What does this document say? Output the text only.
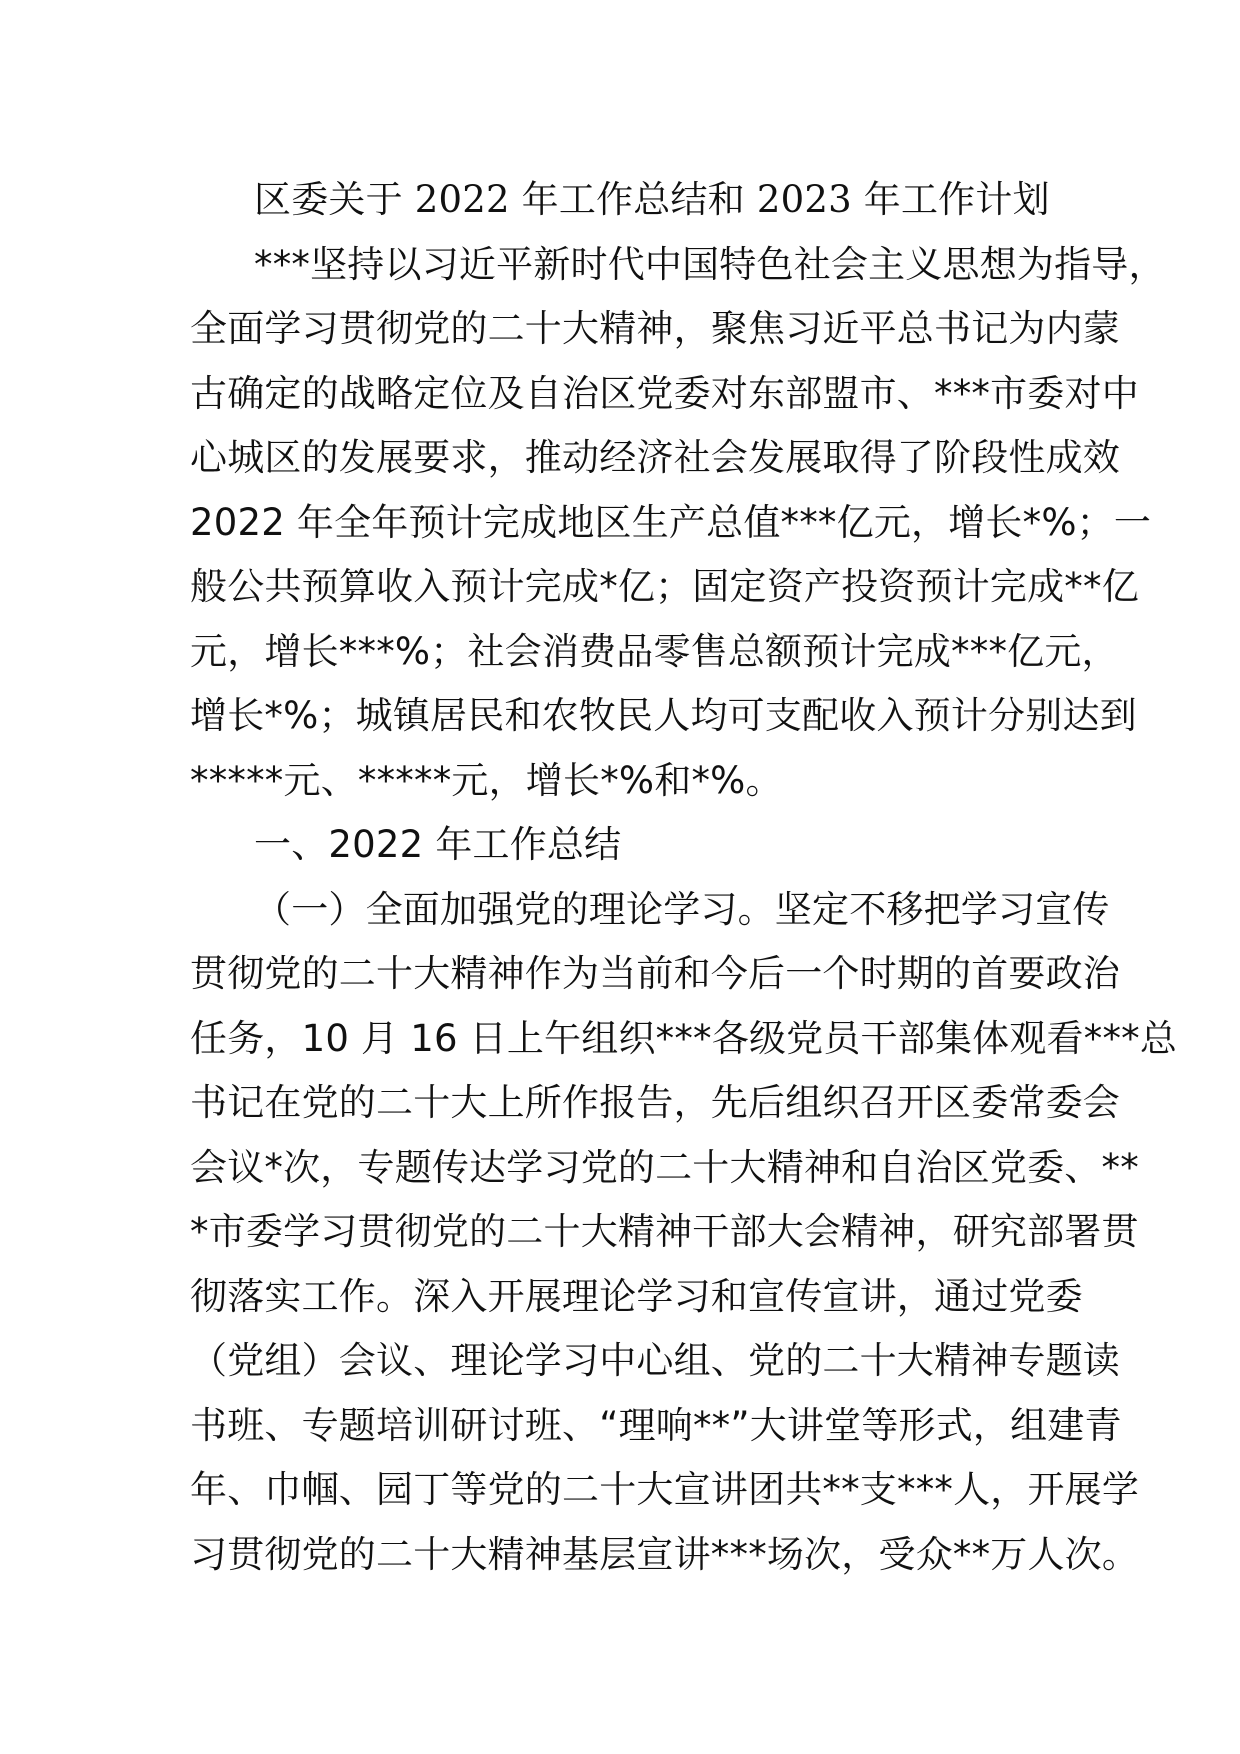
区委关于 2022 年工作总结和 2023 年工作计划
***坚持以习近平新时代中国特色社会主义思想为指导，
全面学习贯彻党的二十大精神，聚焦习近平总书记为内蒙
古确定的战略定位及自治区党委对东部盟市、***市委对中
心城区的发展要求，推动经济社会发展取得了阶段性成效
2022 年全年预计完成地区生产总值***亿元，增长*%；一
般公共预算收入预计完成*亿；固定资产投资预计完成**亿
元，增长***%；社会消费品零售总额预计完成***亿元，
增长*%；城镇居民和农牧民人均可支配收入预计分别达到
*****元、*****元，增长*%和*%。
一、2022 年工作总结
（一）全面加强党的理论学习。坚定不移把学习宣传
贯彻党的二十大精神作为当前和今后一个时期的首要政治
任务，10 月 16 日上午组织***各级党员干部集体观看***总
书记在党的二十大上所作报告，先后组织召开区委常委会
会议*次，专题传达学习党的二十大精神和自治区党委、**
*市委学习贯彻党的二十大精神干部大会精神，研究部署贯
彻落实工作。深入开展理论学习和宣传宣讲，通过党委
（党组）会议、理论学习中心组、党的二十大精神专题读
书班、专题培训研讨班、“理响**”大讲堂等形式，组建青
年、巾帼、园丁等党的二十大宣讲团共**支***人，开展学
习贯彻党的二十大精神基层宣讲***场次，受众**万人次。
